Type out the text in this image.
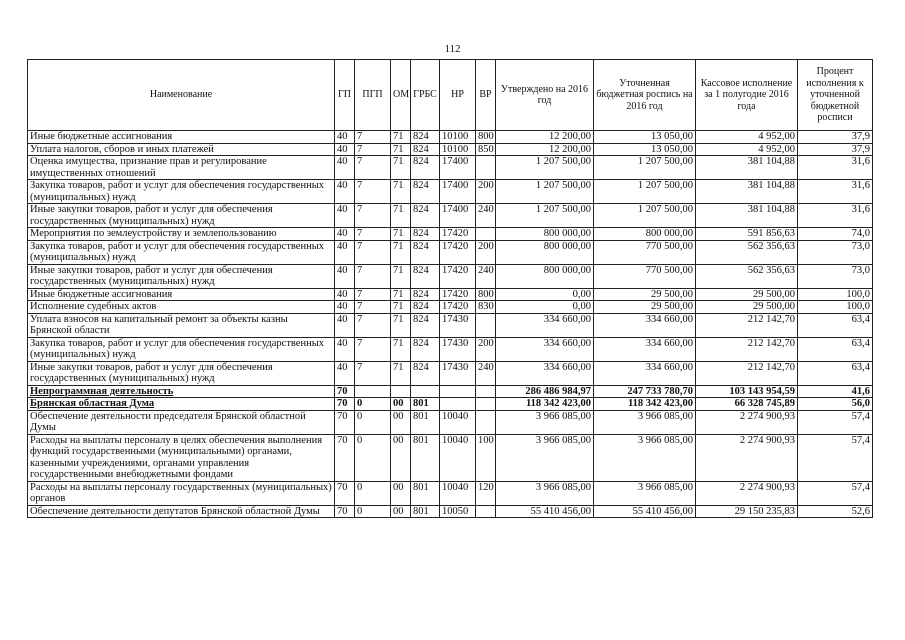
112
Наименование	ГП	ПГП	ОМ	ГРБС	НР	ВР	Утверждено на 2016 год	Уточненная бюджетная роспись на 2016 год	Кассовое исполнение за 1 полугодие 2016 года	Процент исполнения к уточненной бюджетной росписи
Иные бюджетные ассигнования	40	7	71	824	10100	800	12 200,00	13 050,00	4 952,00	37,9
Уплата налогов, сборов и иных платежей	40	7	71	824	10100	850	12 200,00	13 050,00	4 952,00	37,9
Оценка имущества, признание прав и регулирование имущественных отношений	40	7	71	824	17400		1 207 500,00	1 207 500,00	381 104,88	31,6
Закупка товаров, работ и услуг для обеспечения государственных (муниципальных) нужд	40	7	71	824	17400	200	1 207 500,00	1 207 500,00	381 104,88	31,6
Иные закупки товаров, работ и услуг для обеспечения государственных (муниципальных) нужд	40	7	71	824	17400	240	1 207 500,00	1 207 500,00	381 104,88	31,6
Мероприятия по землеустройству и землепользованию	40	7	71	824	17420		800 000,00	800 000,00	591 856,63	74,0
Закупка товаров, работ и услуг для обеспечения государственных (муниципальных) нужд	40	7	71	824	17420	200	800 000,00	770 500,00	562 356,63	73,0
Иные закупки товаров, работ и услуг для обеспечения государственных (муниципальных) нужд	40	7	71	824	17420	240	800 000,00	770 500,00	562 356,63	73,0
Иные бюджетные ассигнования	40	7	71	824	17420	800	0,00	29 500,00	29 500,00	100,0
Исполнение судебных актов	40	7	71	824	17420	830	0,00	29 500,00	29 500,00	100,0
Уплата взносов на капитальный ремонт за объекты казны Брянской области	40	7	71	824	17430		334 660,00	334 660,00	212 142,70	63,4
Закупка товаров, работ и услуг для обеспечения государственных (муниципальных) нужд	40	7	71	824	17430	200	334 660,00	334 660,00	212 142,70	63,4
Иные закупки товаров, работ и услуг для обеспечения государственных (муниципальных) нужд	40	7	71	824	17430	240	334 660,00	334 660,00	212 142,70	63,4
Непрограммная деятельность	70						286 486 984,97	247 733 780,70	103 143 954,59	41,6
Брянская областная Дума	70	0	00	801			118 342 423,00	118 342 423,00	66 328 745,89	56,0
Обеспечение деятельности председателя Брянской областной Думы	70	0	00	801	10040		3 966 085,00	3 966 085,00	2 274 900,93	57,4
Расходы на выплаты персоналу в целях обеспечения выполнения функций государственными (муниципальными) органами, казенными учреждениями, органами управления государственными внебюджетными фондами	70	0	00	801	10040	100	3 966 085,00	3 966 085,00	2 274 900,93	57,4
Расходы на выплаты персоналу государственных (муниципальных) органов	70	0	00	801	10040	120	3 966 085,00	3 966 085,00	2 274 900,93	57,4
Обеспечение деятельности депутатов Брянской областной Думы	70	0	00	801	10050		55 410 456,00	55 410 456,00	29 150 235,83	52,6
